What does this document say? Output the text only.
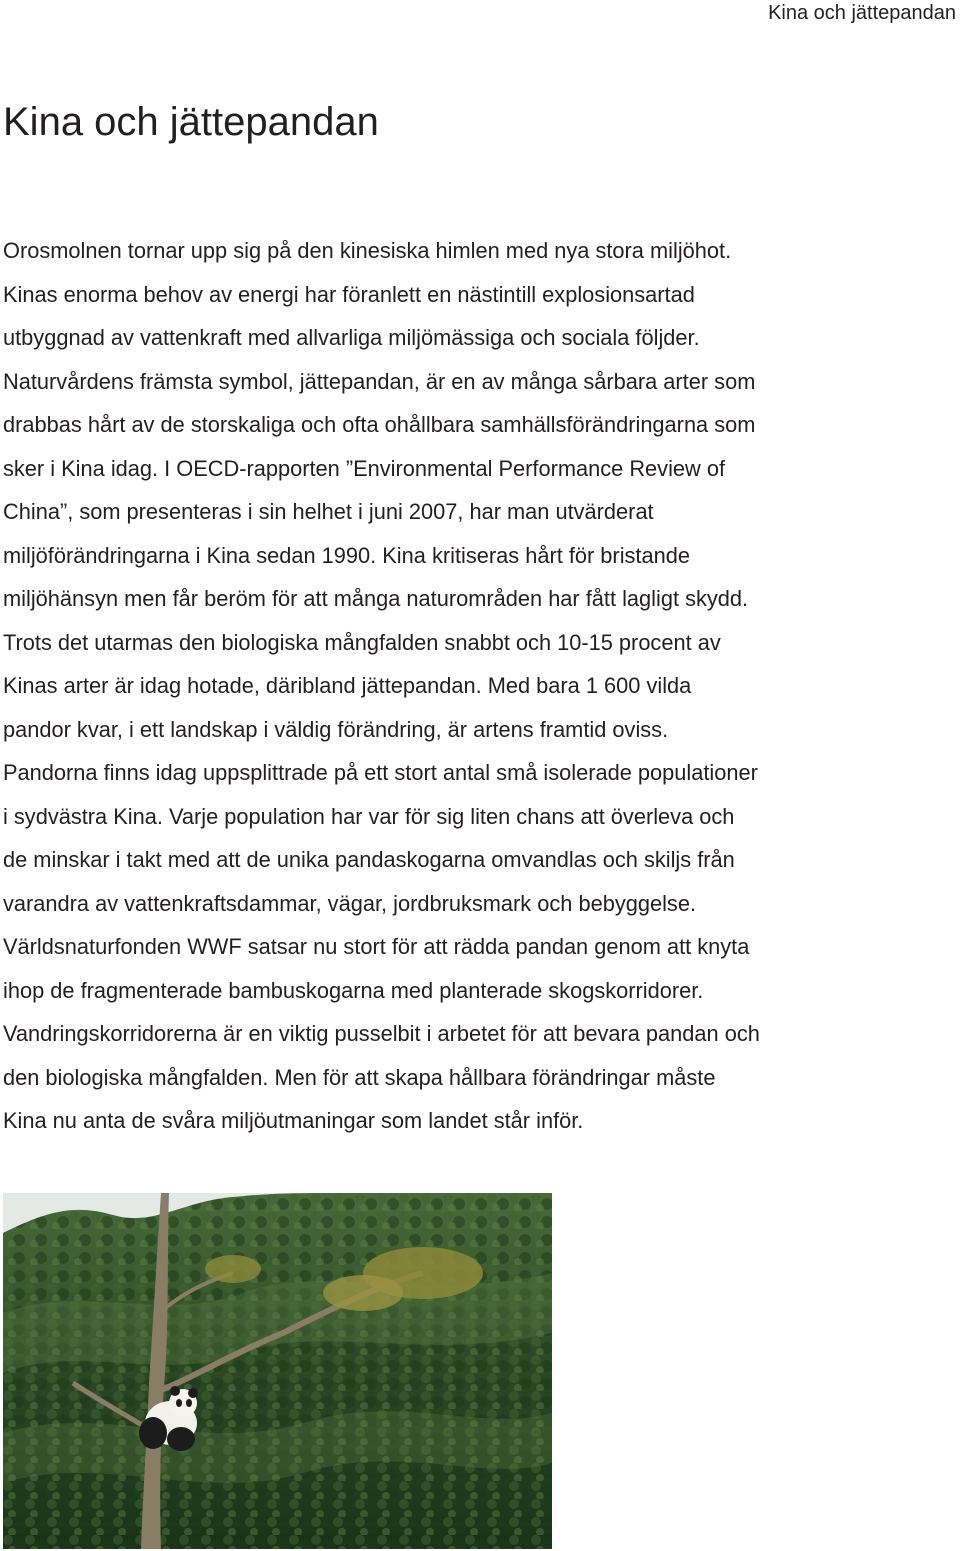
Kina och jättepandan
Kina och jättepandan
Orosmolnen tornar upp sig på den kinesiska himlen med nya stora miljöhot.
Kinas enorma behov av energi har föranlett en nästintill explosionsartad
utbyggnad av vattenkraft med allvarliga miljömässiga och sociala följder.
Naturvårdens främsta symbol, jättepandan, är en av många sårbara arter som
drabbas hårt av de storskaliga och ofta ohållbara samhällsförändringarna som
sker i Kina idag. I OECD-rapporten ”Environmental Performance Review of
China”, som presenteras i sin helhet i juni 2007, har man utvärderat
miljöförändringarna i Kina sedan 1990. Kina kritiseras hårt för bristande
miljöhänsyn men får beröm för att många naturområden har fått lagligt skydd.
Trots det utarmas den biologiska mångfalden snabbt och 10-15 procent av
Kinas arter är idag hotade, däribland jättepandan. Med bara 1 600 vilda
pandor kvar, i ett landskap i väldig förändring, är artens framtid oviss.
Pandorna finns idag uppsplittrade på ett stort antal små isolerade populationer
i sydvästra Kina. Varje population har var för sig liten chans att överleva och
de minskar i takt med att de unika pandaskogarna omvandlas och skiljs från
varandra av vattenkraftsdammar, vägar, jordbruksmark och bebyggelse.
Världsnaturfonden WWF satsar nu stort för att rädda pandan genom att knyta
ihop de fragmenterade bambuskogarna med planterade skogskorridorer.
Vandringskorridorerna är en viktig pusselbit i arbetet för att bevara pandan och
den biologiska mångfalden. Men för att skapa hållbara förändringar måste
Kina nu anta de svåra miljöutmaningar som landet står inför.
